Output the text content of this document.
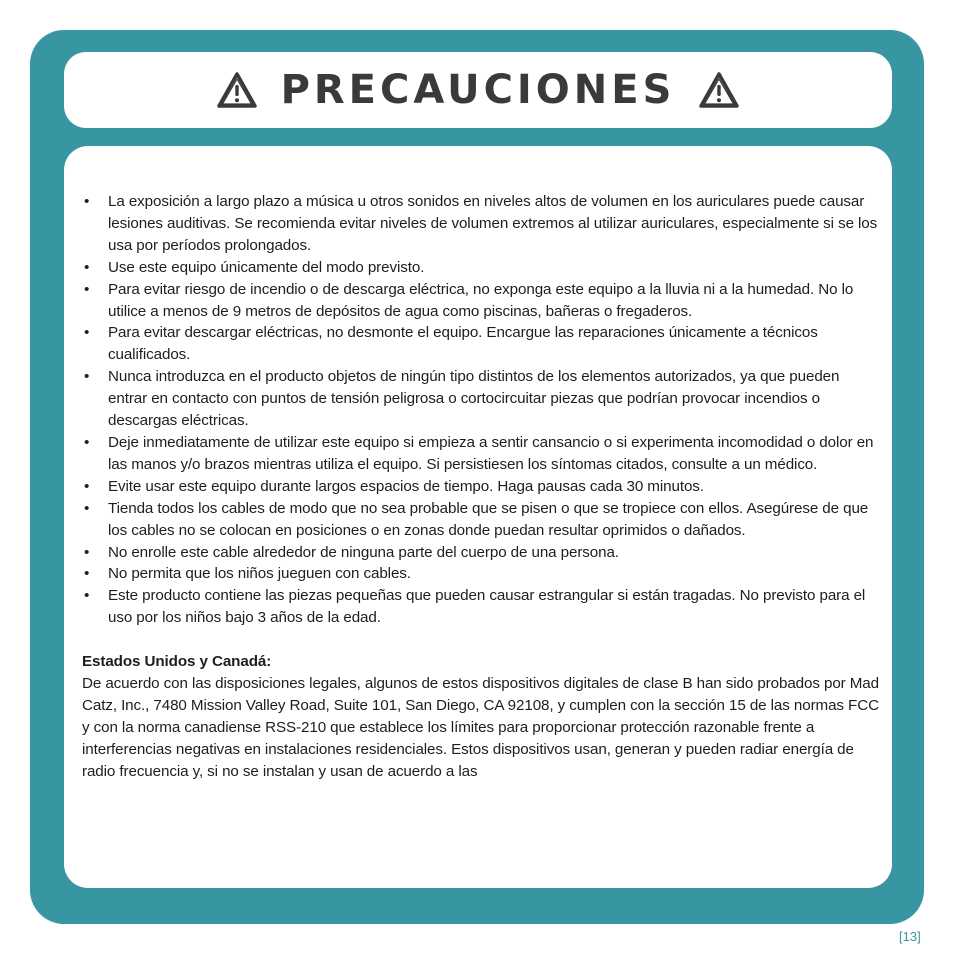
PRECAUCIONES
• La exposición a largo plazo a música u otros sonidos en niveles altos de volumen en los auriculares puede causar lesiones auditivas. Se recomienda evitar niveles de volumen extremos al utilizar auriculares, especialmente si se los usa por períodos prolongados.
• Use este equipo únicamente del modo previsto.
• Para evitar riesgo de incendio o de descarga eléctrica, no exponga este equipo a la lluvia ni a la humedad. No lo utilice a menos de 9 metros de depósitos de agua como piscinas, bañeras o fregaderos.
• Para evitar descargar eléctricas, no desmonte el equipo. Encargue las reparaciones únicamente a técnicos cualificados.
• Nunca introduzca en el producto objetos de ningún tipo distintos de los elementos autorizados, ya que pueden entrar en contacto con puntos de tensión peligrosa o cortocircuitar piezas que podrían provocar incendios o descargas eléctricas.
• Deje inmediatamente de utilizar este equipo si empieza a sentir cansancio o si experimenta incomodidad o dolor en las manos y/o brazos mientras utiliza el equipo. Si persistiesen los síntomas citados, consulte a un médico.
• Evite usar este equipo durante largos espacios de tiempo. Haga pausas cada 30 minutos.
• Tienda todos los cables de modo que no sea probable que se pisen o que se tropiece con ellos. Asegúrese de que los cables no se colocan en posiciones o en zonas donde puedan resultar oprimidos o dañados.
• No enrolle este cable alrededor de ninguna parte del cuerpo de una persona.
• No permita que los niños jueguen con cables.
• Este producto contiene las piezas pequeñas que pueden causar estrangular si están tragadas. No previsto para el uso por los niños bajo 3 años de la edad.
Estados Unidos y Canadá:

De acuerdo con las disposiciones legales, algunos de estos dispositivos digitales de clase B han sido probados por Mad Catz, Inc., 7480 Mission Valley Road, Suite 101, San Diego, CA 92108, y cumplen con la sección 15 de las normas FCC y con la norma canadiense RSS-210 que establece los límites para proporcionar protección razonable frente a interferencias negativas en instalaciones residenciales. Estos dispositivos usan, generan y pueden radiar energía de radio frecuencia y, si no se instalan y usan de acuerdo a las

[13]
